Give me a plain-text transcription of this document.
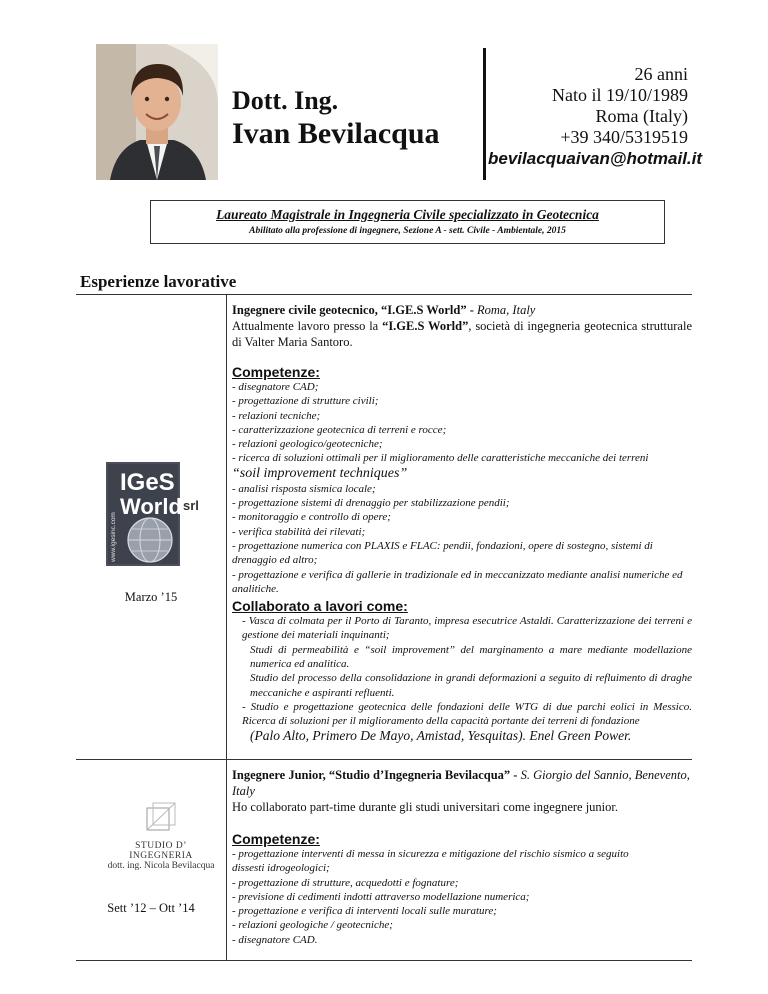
Dott. Ing.

Ivan Bevilacqua

26 anni
Nato il 19/10/1989
Roma (Italy)
+39 340/5319519
bevilacquaivan@hotmail.it
Laureato Magistrale in Ingegneria Civile specializzato in Geotecnica
Abilitato alla professione di ingegnere, Sezione A - sett. Civile - Ambientale, 2015
Esperienze lavorative
IGeS
World srl
www.igesinc.com
Marzo ’15
Ingegnere civile geotecnico, “I.GE.S World” - Roma, Italy
Attualmente lavoro presso la “I.GE.S World”, società di ingegneria geotecnica strutturale di Valter Maria Santoro.

Competenze:

- disegnatore CAD;
- progettazione di strutture civili;
- relazioni tecniche;
- caratterizzazione geotecnica di terreni e rocce;
- relazioni geologico/geotecniche;
- ricerca di soluzioni ottimali per il miglioramento delle caratteristiche meccaniche dei terreni
“soil improvement techniques”
- analisi risposta sismica locale;
- progettazione sistemi di drenaggio per stabilizzazione pendii;
- monitoraggio e controllo di opere;
- verifica stabilità dei rilevati;
- progettazione numerica con PLAXIS e FLAC: pendii, fondazioni, opere di sostegno, sistemi di drenaggio ed altro;
- progettazione e verifica di gallerie in tradizionale ed in meccanizzato mediante analisi numeriche ed analitiche.

Collaborato a lavori come:

- Vasca di colmata per il Porto di Taranto, impresa esecutrice Astaldi. Caratterizzazione dei terreni e gestione dei materiali inquinanti;

Studi di permeabilità e “soil improvement” del marginamento a mare mediante modellazione numerica ed analitica.

Studio del processo della consolidazione in grandi deformazioni a seguito di refluimento di draghe meccaniche e aspiranti refluenti.

- Studio e progettazione geotecnica delle fondazioni delle WTG di due parchi eolici in Messico. Ricerca di soluzioni per il miglioramento della capacità portante dei terreni di fondazione

(Palo Alto, Primero De Mayo, Amistad, Yesquitas). Enel Green Power.

STUDIO D’ INGEGNERIA
dott. ing. Nicola Bevilacqua
Sett ’12 – Ott ’14
Ingegnere Junior, “Studio d’Ingegneria Bevilacqua” - S. Giorgio del Sannio, Benevento, Italy
Ho collaborato part-time durante gli studi universitari come ingegnere junior.

Competenze:

- progettazione interventi di messa in sicurezza e mitigazione del rischio sismico a seguito dissesti idrogeologici;
- progettazione di strutture, acquedotti e fognature;
- previsione di cedimenti indotti attraverso modellazione numerica;
- progettazione e verifica di interventi locali sulle murature;
- relazioni geologiche / geotecniche;
- disegnatore CAD.
